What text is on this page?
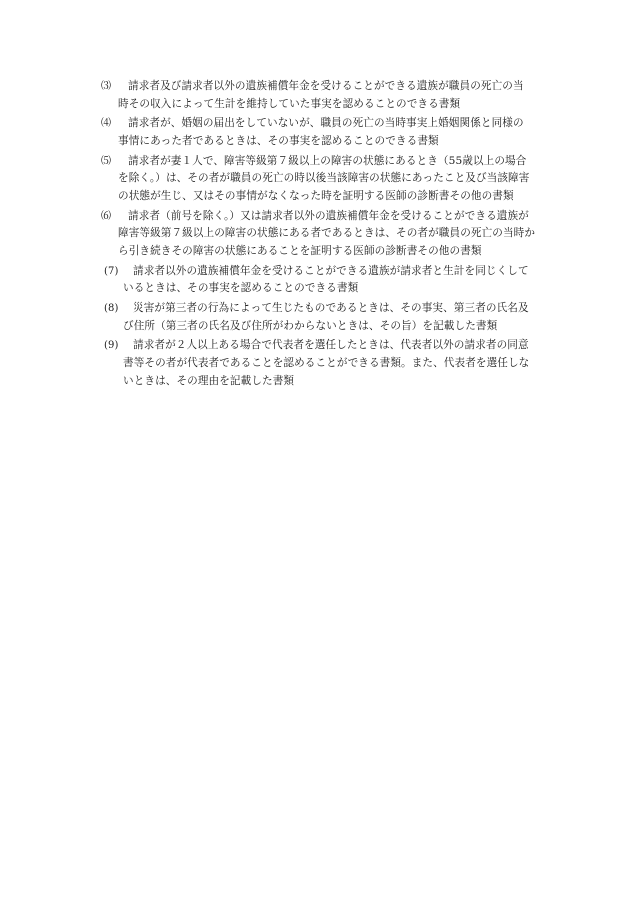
⑶ 請求者及び請求者以外の遺族補償年金を受けることができる遺族が職員の死亡の当
時その収入によって生計を維持していた事実を認めることのできる書類
⑷ 請求者が、婚姻の届出をしていないが、職員の死亡の当時事実上婚姻関係と同様の
事情にあった者であるときは、その事実を認めることのできる書類
⑸ 請求者が妻１人で、障害等級第７級以上の障害の状態にあるとき（55歳以上の場合
を除く。）は、その者が職員の死亡の時以後当該障害の状態にあったこと及び当該障害
の状態が生じ、又はその事情がなくなった時を証明する医師の診断書その他の書類
⑹ 請求者（前号を除く。）又は請求者以外の遺族補償年金を受けることができる遺族が
障害等級第７級以上の障害の状態にある者であるときは、その者が職員の死亡の当時か
ら引き続きその障害の状態にあることを証明する医師の診断書その他の書類
(7) 請求者以外の遺族補償年金を受けることができる遺族が請求者と生計を同じくして
いるときは、その事実を認めることのできる書類
(8) 災害が第三者の行為によって生じたものであるときは、その事実、第三者の氏名及
び住所（第三者の氏名及び住所がわからないときは、その旨）を記載した書類
(9) 請求者が２人以上ある場合で代表者を選任したときは、代表者以外の請求者の同意
書等その者が代表者であることを認めることができる書類。また、代表者を選任しな
いときは、その理由を記載した書類
